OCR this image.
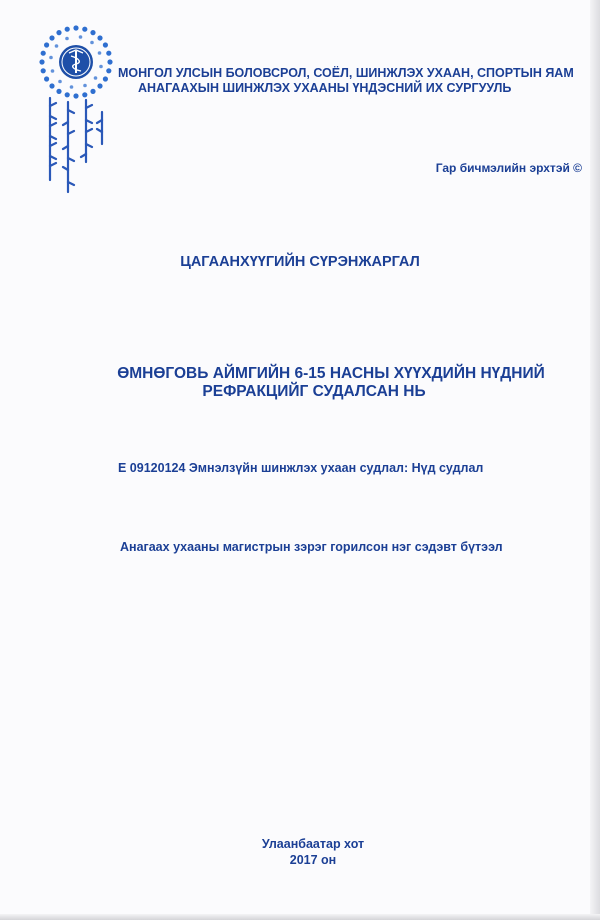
МОНГОЛ УЛСЫН БОЛОВСРОЛ, СОЁЛ, ШИНЖЛЭХ УХААН, СПОРТЫН ЯАМ
АНАГААХЫН ШИНЖЛЭХ УХААНЫ ҮНДЭСНИЙ ИХ СУРГУУЛЬ
Гар бичмэлийн эрхтэй ©
ЦАГААНХҮҮГИЙН СҮРЭНЖАРГАЛ
ӨМНӨГОВЬ АЙМГИЙН 6-15 НАСНЫ ХҮҮХДИЙН НҮДНИЙ
РЕФРАКЦИЙГ СУДАЛСАН НЬ
Е 09120124 Эмнэлзүйн шинжлэх ухаан судлал: Нүд судлал
Анагаах ухааны магистрын зэрэг горилсон нэг сэдэвт бүтээл
Улаанбаатар хот
2017 он
